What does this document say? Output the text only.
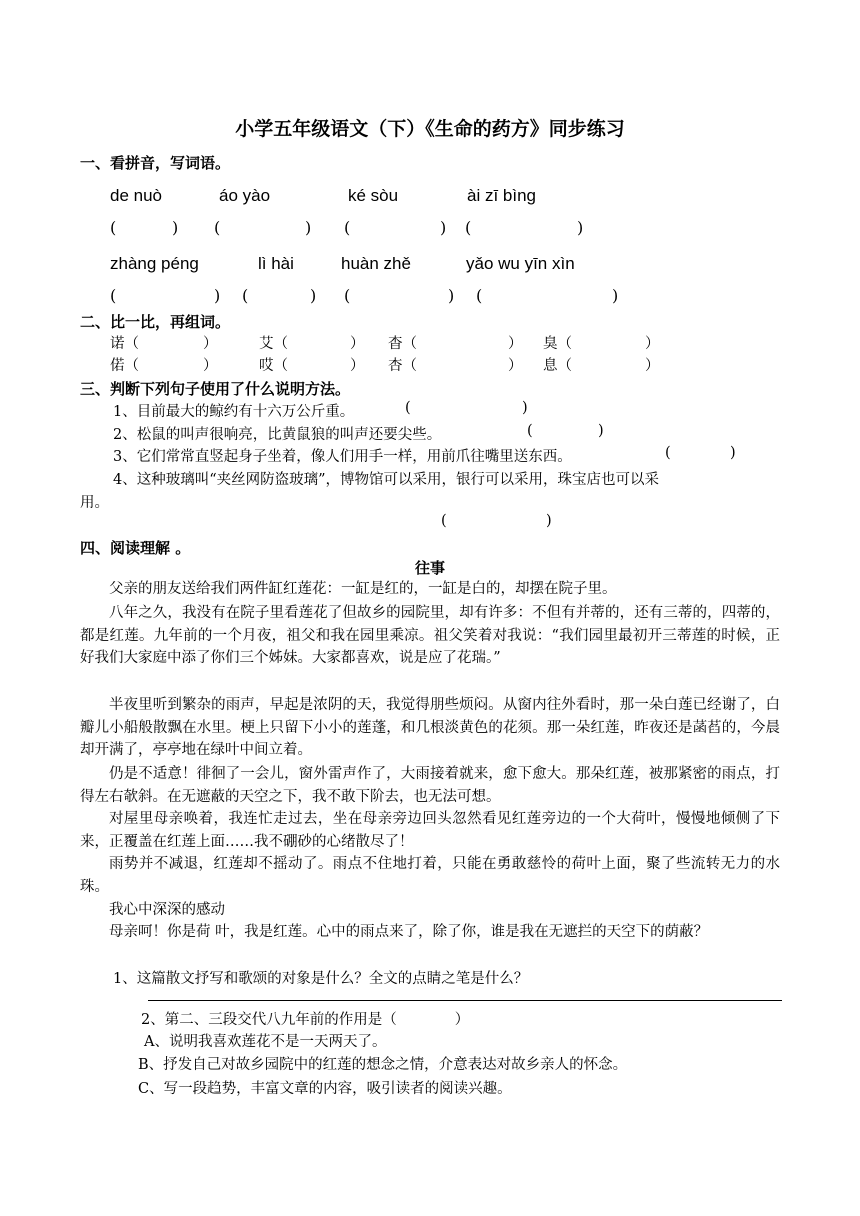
小学五年级语文（下）《生命的药方》同步练习
一、看拼音，写词语。
de nuò	áo yào	ké sòu	ài zī bìng
(	) (	) (	) (	)
zhàng péng	lì hài	huàn zhě	yǎo wu yīn xìn
(	) (	) (	) (	)
二、比一比，再组词。
诺（	）	艾（	） 杳（	） 臭（	）
偌（	）	哎（	） 杏（	） 息（	）
三、判断下列句子使用了什么说明方法。
1、目前最大的鲸约有十六万公斤重。	(	)
2、松鼠的叫声很响亮，比黄鼠狼的叫声还要尖些。	(	)
3、它们常常直竖起身子坐着，像人们用手一样，用前爪往嘴里送东西。	(	)
4、这种玻璃叫“夹丝网防盗玻璃”，博物馆可以采用，银行可以采用，珠宝店也可以采
用。
(	)
四、阅读理解 。
往事
父亲的朋友送给我们两件缸红莲花：一缸是红的，一缸是白的，却摆在院子里。
八年之久，我没有在院子里看莲花了但故乡的园院里，却有许多：不但有并蒂的，还有三蒂的，四蒂的，都是红莲。九年前的一个月夜，祖父和我在园里乘凉。祖父笑着对我说：“我们园里最初开三蒂莲的时候，正好我们大家庭中添了你们三个姊妹。大家都喜欢，说是应了花瑞。”
半夜里听到繁杂的雨声，早起是浓阴的天，我觉得朋些烦闷。从窗内往外看时，那一朵白莲已经谢了，白瓣儿小船般散飘在水里。梗上只留下小小的莲蓬，和几根淡黄色的花须。那一朵红莲，昨夜还是菡萏的，今晨却开满了，亭亭地在绿叶中间立着。
仍是不适意！徘徊了一会儿，窗外雷声作了，大雨接着就来，愈下愈大。那朵红莲，被那紧密的雨点，打得左右欹斜。在无遮蔽的天空之下，我不敢下阶去，也无法可想。
对屋里母亲唤着，我连忙走过去，坐在母亲旁边回头忽然看见红莲旁边的一个大荷叶，慢慢地倾侧了下来，正覆盖在红莲上面……我不硼砂的心绪散尽了！
雨势并不减退，红莲却不摇动了。雨点不住地打着，只能在勇敢慈怜的荷叶上面，聚了些流转无力的水珠。
我心中深深的感动
母亲呵！你是荷 叶，我是红莲。心中的雨点来了，除了你，谁是我在无遮拦的天空下的荫蔽？
1、这篇散文抒写和歌颂的对象是什么？全文的点睛之笔是什么？
2、第二、三段交代八九年前的作用是（　　　　）
A、说明我喜欢莲花不是一天两天了。
B、抒发自己对故乡园院中的红莲的想念之情，介意表达对故乡亲人的怀念。
C、写一段趋势，丰富文章的内容，吸引读者的阅读兴趣。
